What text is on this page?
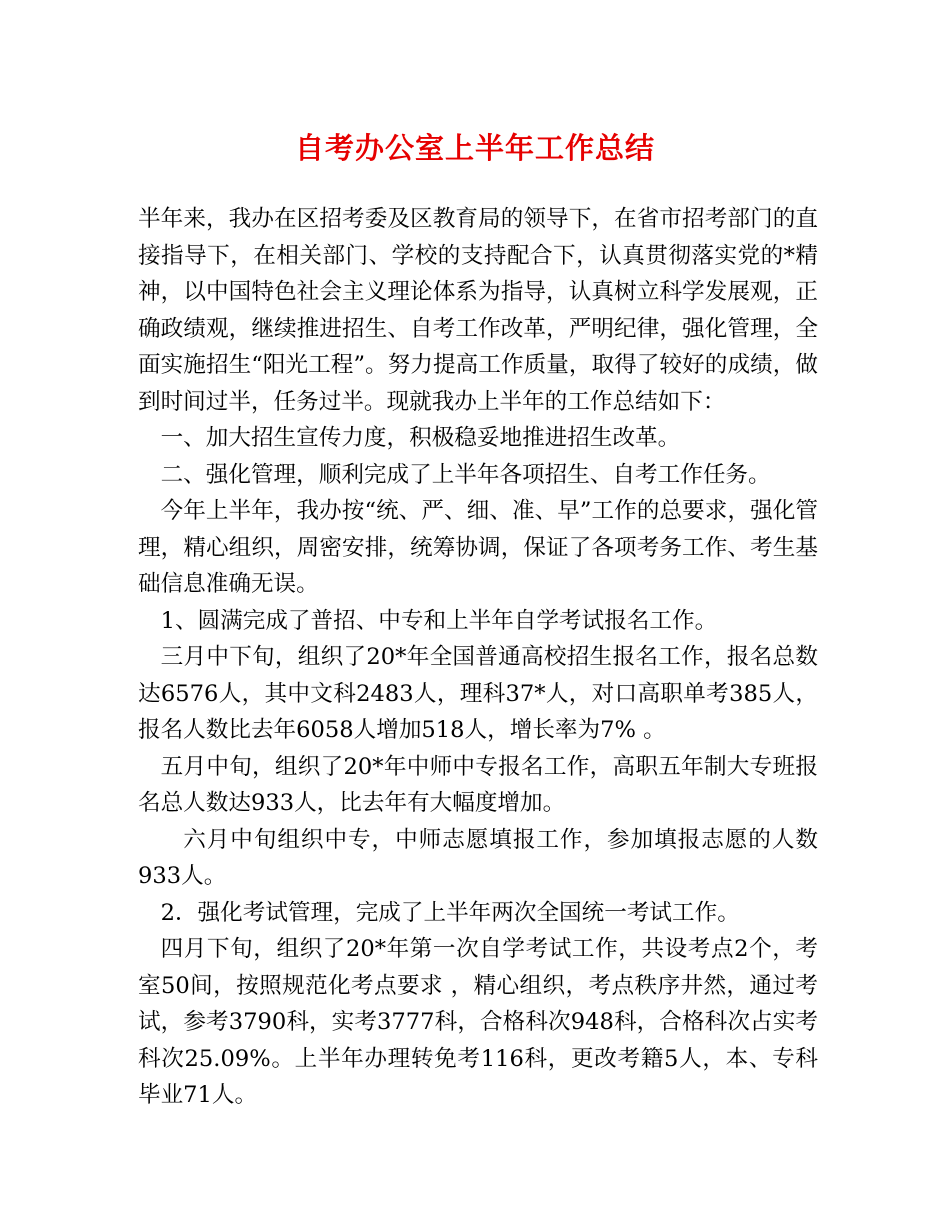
自考办公室上半年工作总结

半年来，我办在区招考委及区教育局的领导下，在省市招考部门的直接指导下，在相关部门、学校的支持配合下，认真贯彻落实党的*精神，以中国特色社会主义理论体系为指导，认真树立科学发展观，正确政绩观，继续推进招生、自考工作改革，严明纪律，强化管理，全面实施招生“阳光工程”。努力提高工作质量，取得了较好的成绩，做到时间过半，任务过半。现就我办上半年的工作总结如下：

一、加大招生宣传力度，积极稳妥地推进招生改革。

二、强化管理，顺利完成了上半年各项招生、自考工作任务。

今年上半年，我办按“统、严、细、准、早”工作的总要求，强化管理，精心组织，周密安排，统筹协调，保证了各项考务工作、考生基础信息准确无误。

1、圆满完成了普招、中专和上半年自学考试报名工作。

三月中下旬，组织了20*年全国普通高校招生报名工作，报名总数达6576人，其中文科2483人，理科37*人，对口高职单考385人，报名人数比去年6058人增加518人，增长率为7% 。

五月中旬，组织了20*年中师中专报名工作，高职五年制大专班报名总人数达933人，比去年有大幅度增加。

六月中旬组织中专，中师志愿填报工作，参加填报志愿的人数933人。

2．强化考试管理，完成了上半年两次全国统一考试工作。

四月下旬，组织了20*年第一次自学考试工作，共设考点2个，考室50间，按照规范化考点要求 ，精心组织，考点秩序井然，通过考试，参考3790科，实考3777科，合格科次948科，合格科次占实考科次25.09%。上半年办理转免考116科，更改考籍5人，本、专科毕业71人。
